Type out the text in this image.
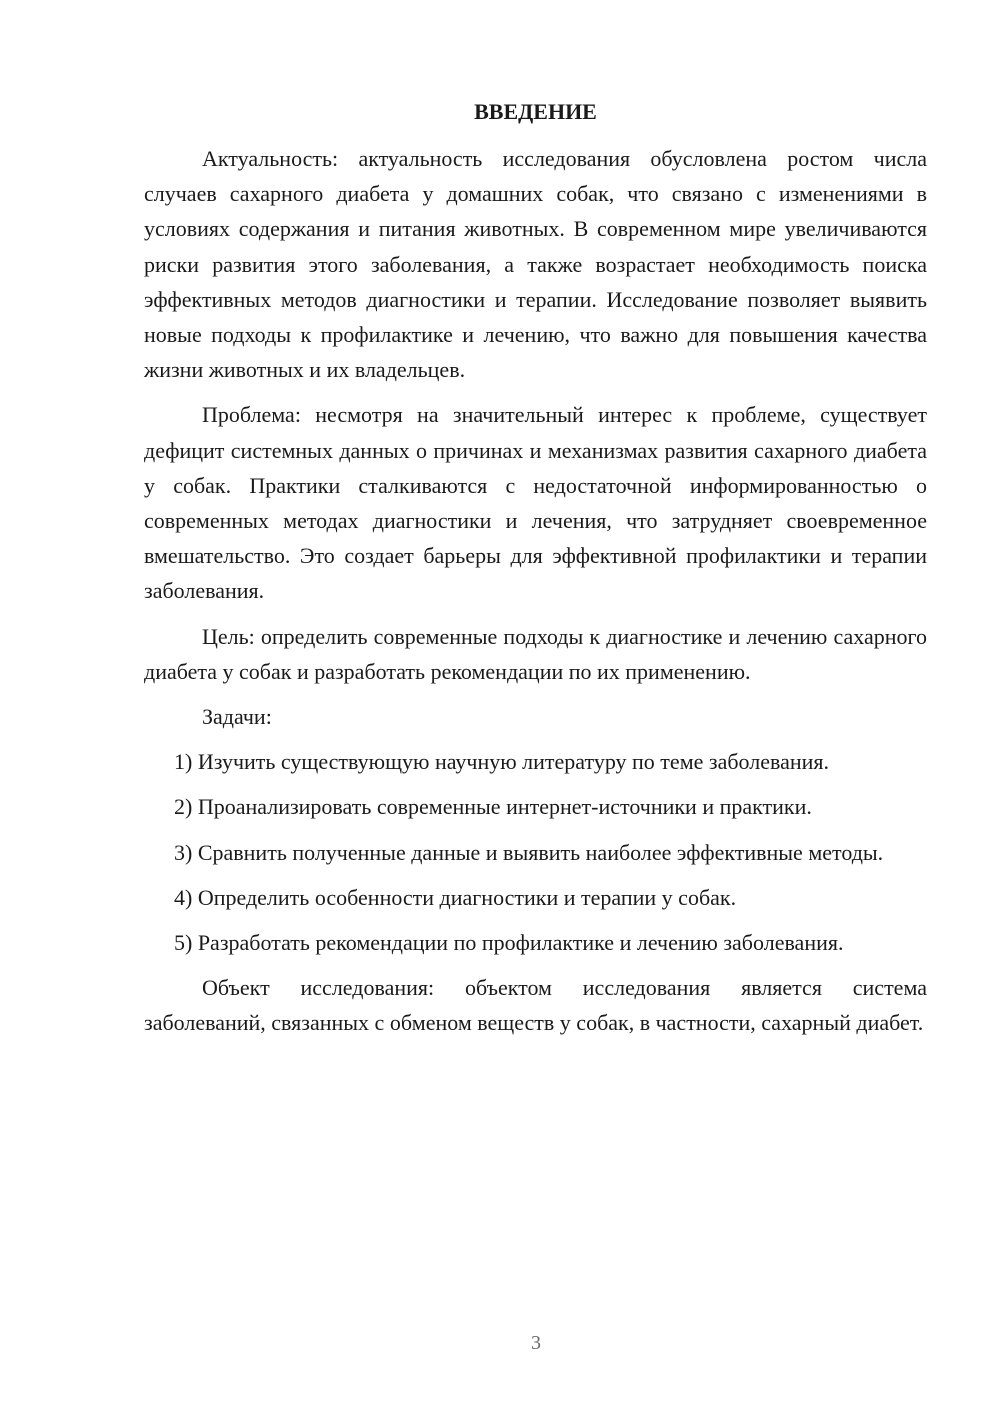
ВВЕДЕНИЕ

Актуальность: актуальность исследования обусловлена ростом числа случаев сахарного диабета у домашних собак, что связано с изменениями в условиях содержания и питания животных. В современном мире увеличиваются риски развития этого заболевания, а также возрастает необходимость поиска эффективных методов диагностики и терапии. Исследование позволяет выявить новые подходы к профилактике и лечению, что важно для повышения качества жизни животных и их владельцев.

Проблема: несмотря на значительный интерес к проблеме, существует дефицит системных данных о причинах и механизмах развития сахарного диабета у собак. Практики сталкиваются с недостаточной информированностью о современных методах диагностики и лечения, что затрудняет своевременное вмешательство. Это создает барьеры для эффективной профилактики и терапии заболевания.

Цель: определить современные подходы к диагностике и лечению сахарного диабета у собак и разработать рекомендации по их применению.

Задачи:

1) Изучить существующую научную литературу по теме заболевания.

2) Проанализировать современные интернет-источники и практики.

3) Сравнить полученные данные и выявить наиболее эффективные методы.

4) Определить особенности диагностики и терапии у собак.

5) Разработать рекомендации по профилактике и лечению заболевания.

Объект исследования: объектом исследования является система заболеваний, связанных с обменом веществ у собак, в частности, сахарный диабет.

3
